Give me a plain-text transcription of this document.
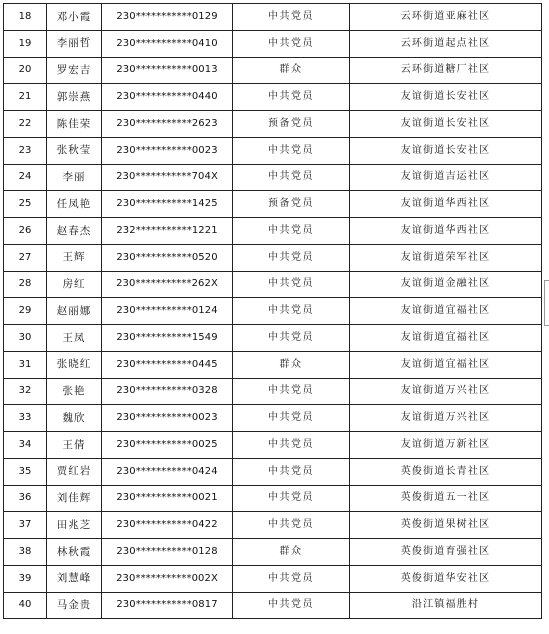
18	邓小霞	230***********0129	中共党员	云环街道亚麻社区
19	李丽哲	230***********0410	中共党员	云环街道起点社区
20	罗宏吉	230***********0013	群众	云环街道糖厂社区
21	郭崇燕	230***********0440	中共党员	友谊街道长安社区
22	陈佳荣	230***********2623	预备党员	友谊街道长安社区
23	张秋莹	230***********0023	中共党员	友谊街道长安社区
24	李丽	230***********704X	中共党员	友谊街道吉运社区
25	任凤艳	230***********1425	预备党员	友谊街道华西社区
26	赵春杰	232***********1221	中共党员	友谊街道华西社区
27	王辉	230***********0520	中共党员	友谊街道荣军社区
28	房红	230***********262X	中共党员	友谊街道金融社区
29	赵丽娜	230***********0124	中共党员	友谊街道宜福社区
30	王凤	230***********1549	中共党员	友谊街道宜福社区
31	张晓红	230***********0445	群众	友谊街道宜福社区
32	张艳	230***********0328	中共党员	友谊街道万兴社区
33	魏欣	230***********0023	中共党员	友谊街道万兴社区
34	王倩	230***********0025	中共党员	友谊街道万新社区
35	贾红岩	230***********0424	中共党员	英俊街道长青社区
36	刘佳辉	230***********0021	中共党员	英俊街道五一社区
37	田兆芝	230***********0422	中共党员	英俊街道果树社区
38	林秋霞	230***********0128	群众	英俊街道育强社区
39	刘慧峰	230***********002X	中共党员	英俊街道华安社区
40	马金贵	230***********0817	中共党员	沿江镇福胜村
